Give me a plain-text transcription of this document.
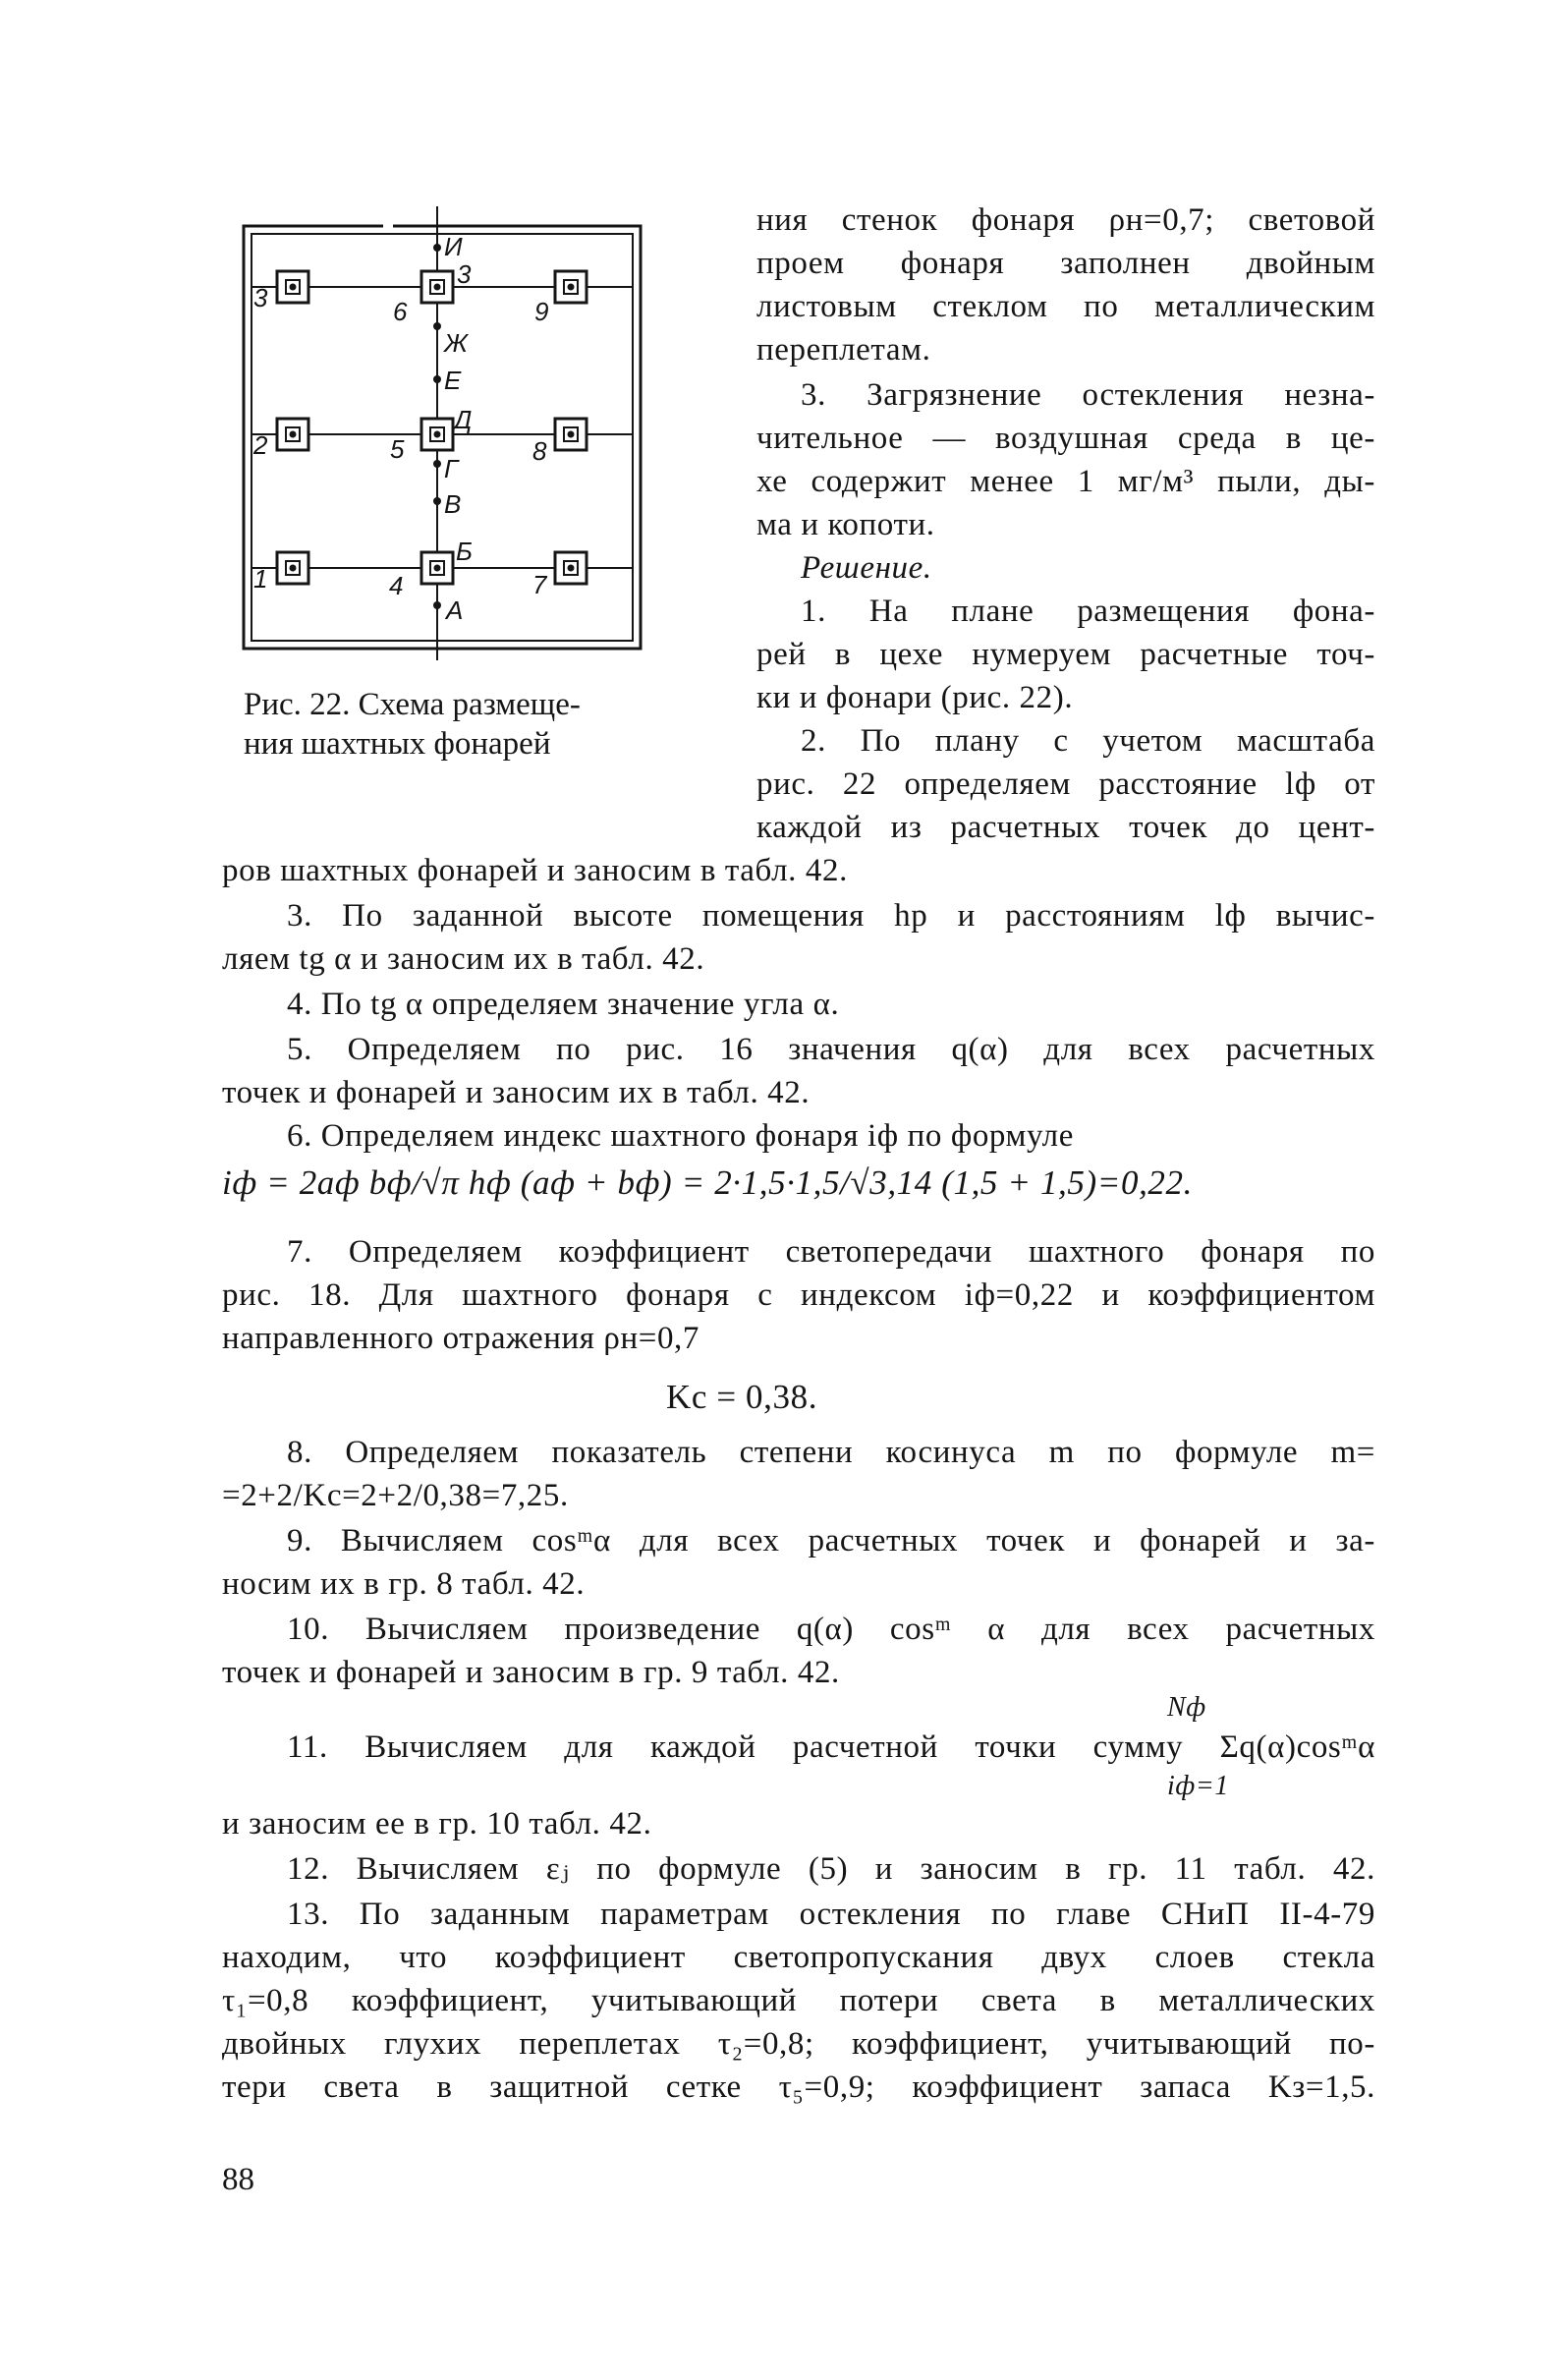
3	6	9
2	5	8
1	4	7
И
3
Ж
Е
Д
Г
В
Б
А
Рис. 22. Схема размеще-
ния шахтных фонарей
ния стенок фонаря ρн=0,7; световой
проем фонаря заполнен двойным
листовым стеклом по металлическим
переплетам.
3. Загрязнение остекления незна-
чительное — воздушная среда в це-
хе содержит менее 1 мг/м³ пыли, ды-
ма и копоти.
Решение.
1. На плане размещения фона-
рей в цехе нумеруем расчетные точ-
ки и фонари (рис. 22).
2. По плану с учетом масштаба
рис. 22 определяем расстояние lф от
каждой из расчетных точек до цент-
ров шахтных фонарей и заносим в табл. 42.
3. По заданной высоте помещения hр и расстояниям lф вычис-
ляем tg α и заносим их в табл. 42.
4. По tg α определяем значение угла α.
5. Определяем по рис. 16 значения q(α) для всех расчетных
точек и фонарей и заносим их в табл. 42.
6. Определяем индекс шахтного фонаря iф по формуле
iф = 2aф bф/√π hф (aф + bф) = 2·1,5·1,5/√3,14 (1,5 + 1,5)=0,22.
7. Определяем коэффициент светопередачи шахтного фонаря по
рис. 18. Для шахтного фонаря с индексом iф=0,22 и коэффициентом
направленного отражения ρн=0,7
Kс = 0,38.
8. Определяем показатель степени косинуса m по формуле m=
=2+2/Kс=2+2/0,38=7,25.
9. Вычисляем cosᵐα для всех расчетных точек и фонарей и за-
носим их в гр. 8 табл. 42.
10. Вычисляем произведение q(α) cosᵐ α для всех расчетных
точек и фонарей и заносим в гр. 9 табл. 42.
Nф
11. Вычисляем для каждой расчетной точки сумму Σq(α)cosᵐα
iф=1
и заносим ее в гр. 10 табл. 42.
12. Вычисляем εⱼ по формуле (5) и заносим в гр. 11 табл. 42.
13. По заданным параметрам остекления по главе СНиП II-4-79
находим, что коэффициент светопропускания двух слоев стекла
τ₁=0,8 коэффициент, учитывающий потери света в металлических
двойных глухих переплетах τ₂=0,8; коэффициент, учитывающий по-
тери света в защитной сетке τ₅=0,9; коэффициент запаса Kз=1,5.
88
